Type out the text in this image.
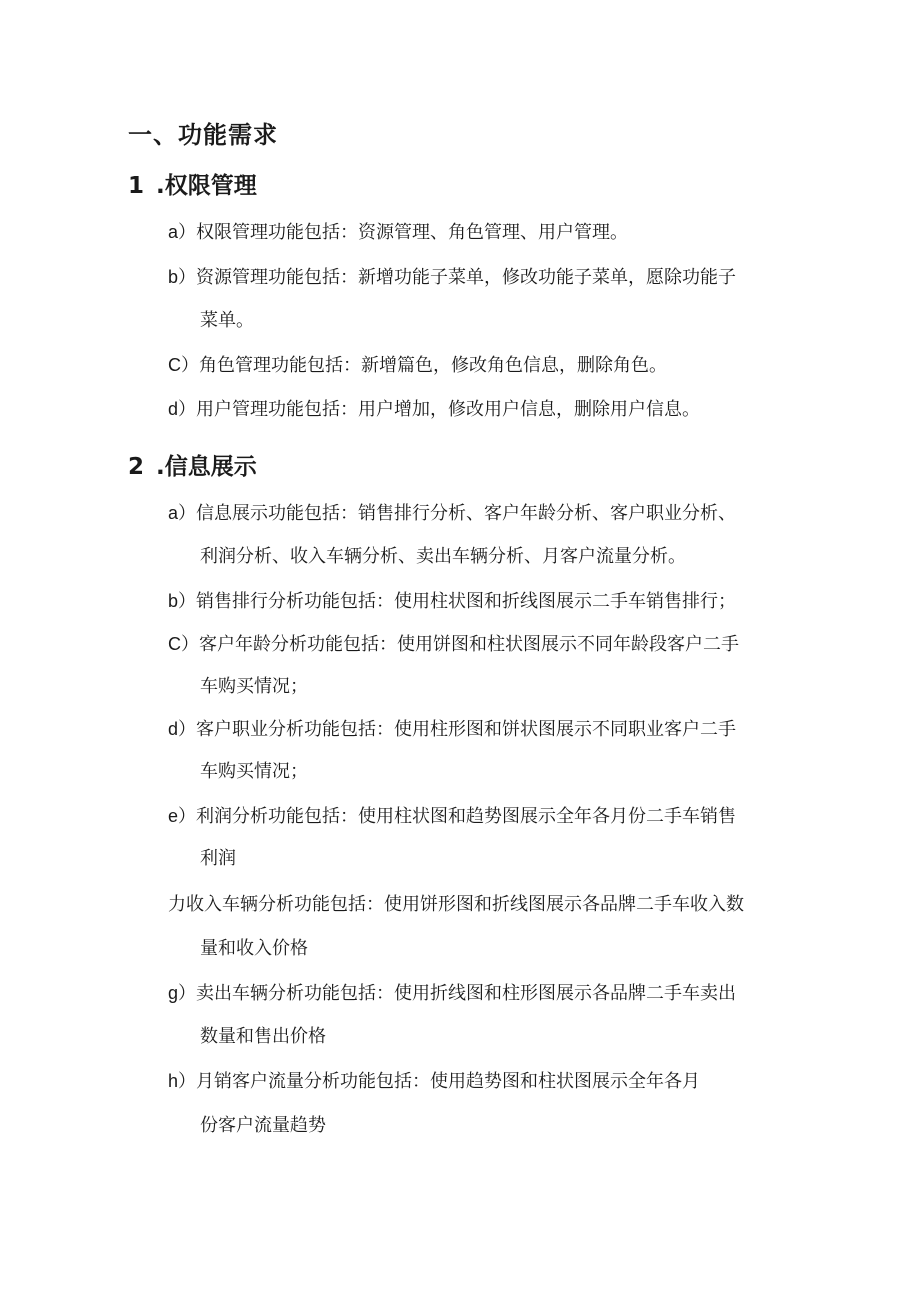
一、功能需求
1 .权限管理
a）权限管理功能包括：资源管理、角色管理、用户管理。
b）资源管理功能包括：新增功能子菜单，修改功能子菜单，愿除功能子
菜单。
C）角色管理功能包括：新增篇色，修改角色信息，删除角色。
d）用户管理功能包括：用户增加，修改用户信息，删除用户信息。
2 .信息展示
a）信息展示功能包括：销售排行分析、客户年龄分析、客户职业分析、
利润分析、收入车辆分析、卖出车辆分析、月客户流量分析。
b）销售排行分析功能包括：使用柱状图和折线图展示二手车销售排行；
C）客户年龄分析功能包括：使用饼图和柱状图展示不同年龄段客户二手
车购买情况；
d）客户职业分析功能包括：使用柱形图和饼状图展示不同职业客户二手
车购买情况；
e）利润分析功能包括：使用柱状图和趋势图展示全年各月份二手车销售
利润
力收入车辆分析功能包括：使用饼形图和折线图展示各品牌二手车收入数
量和收入价格
g）卖出车辆分析功能包括：使用折线图和柱形图展示各品牌二手车卖出
数量和售出价格
h）月销客户流量分析功能包括：使用趋势图和柱状图展示全年各月
份客户流量趋势
